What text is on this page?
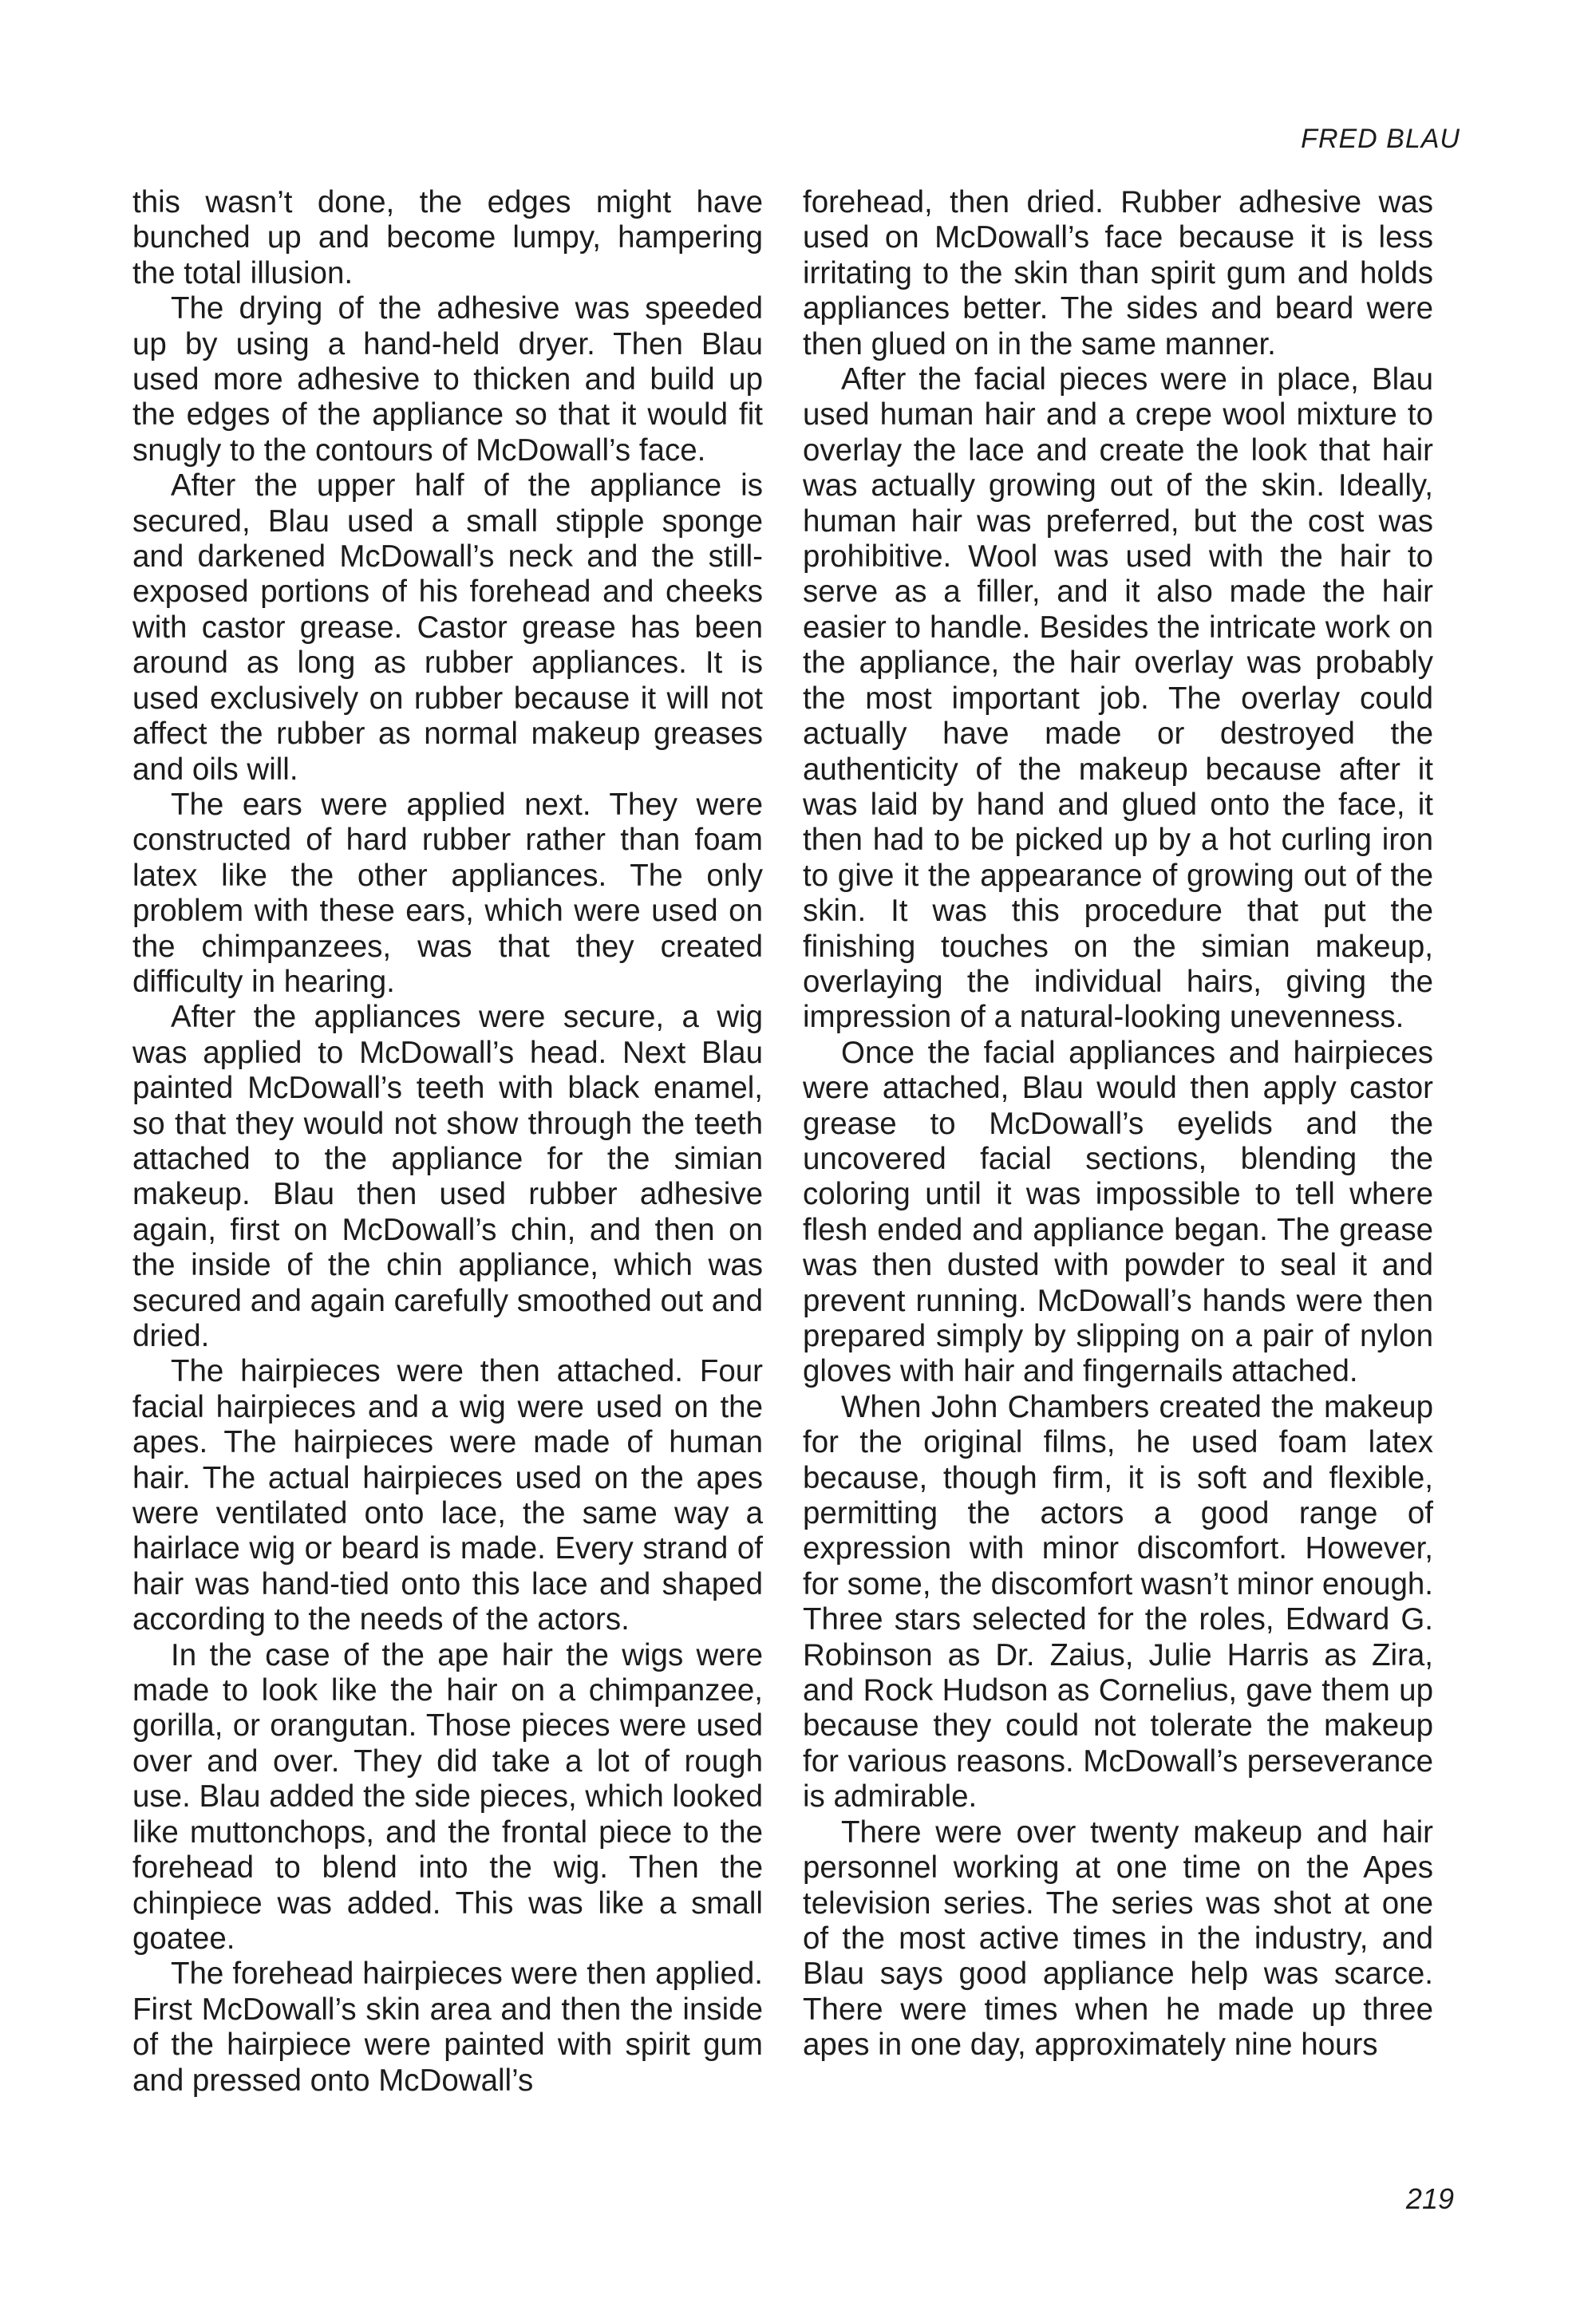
FRED BLAU

this wasn’t done, the edges might have bunched up and become lumpy, hampering the total illusion.

The drying of the adhesive was speeded up by using a hand-held dryer. Then Blau used more adhesive to thicken and build up the edges of the appliance so that it would fit snugly to the contours of McDowall’s face.

After the upper half of the appliance is secured, Blau used a small stipple sponge and darkened McDowall’s neck and the still-exposed portions of his forehead and cheeks with castor grease. Castor grease has been around as long as rubber appliances. It is used exclusively on rubber because it will not affect the rubber as normal makeup greases and oils will.

The ears were applied next. They were constructed of hard rubber rather than foam latex like the other appliances. The only problem with these ears, which were used on the chimpanzees, was that they created difficulty in hearing.

After the appliances were secure, a wig was applied to McDowall’s head. Next Blau painted McDowall’s teeth with black enamel, so that they would not show through the teeth attached to the appliance for the simian makeup. Blau then used rubber adhesive again, first on McDowall’s chin, and then on the inside of the chin appliance, which was secured and again carefully smoothed out and dried.

The hairpieces were then attached. Four facial hairpieces and a wig were used on the apes. The hairpieces were made of human hair. The actual hairpieces used on the apes were ventilated onto lace, the same way a hairlace wig or beard is made. Every strand of hair was hand-tied onto this lace and shaped according to the needs of the actors.

In the case of the ape hair the wigs were made to look like the hair on a chimpanzee, gorilla, or orangutan. Those pieces were used over and over. They did take a lot of rough use. Blau added the side pieces, which looked like muttonchops, and the frontal piece to the forehead to blend into the wig. Then the chinpiece was added. This was like a small goatee.

The forehead hairpieces were then applied. First McDowall’s skin area and then the inside of the hairpiece were painted with spirit gum and pressed onto McDowall’s

forehead, then dried. Rubber adhesive was used on McDowall’s face because it is less irritating to the skin than spirit gum and holds appliances better. The sides and beard were then glued on in the same manner.

After the facial pieces were in place, Blau used human hair and a crepe wool mixture to overlay the lace and create the look that hair was actually growing out of the skin. Ideally, human hair was preferred, but the cost was prohibitive. Wool was used with the hair to serve as a filler, and it also made the hair easier to handle. Besides the intricate work on the appliance, the hair overlay was probably the most important job. The overlay could actually have made or destroyed the authenticity of the makeup because after it was laid by hand and glued onto the face, it then had to be picked up by a hot curling iron to give it the appearance of growing out of the skin. It was this procedure that put the finishing touches on the simian makeup, overlaying the individual hairs, giving the impression of a natural-looking unevenness.

Once the facial appliances and hairpieces were attached, Blau would then apply castor grease to McDowall’s eyelids and the uncovered facial sections, blending the coloring until it was impossible to tell where flesh ended and appliance began. The grease was then dusted with powder to seal it and prevent running. McDowall’s hands were then prepared simply by slipping on a pair of nylon gloves with hair and fingernails attached.

When John Chambers created the makeup for the original films, he used foam latex because, though firm, it is soft and flexible, permitting the actors a good range of expression with minor discomfort. However, for some, the discomfort wasn’t minor enough. Three stars selected for the roles, Edward G. Robinson as Dr. Zaius, Julie Harris as Zira, and Rock Hudson as Cornelius, gave them up because they could not tolerate the makeup for various reasons. McDowall’s perseverance is admirable.

There were over twenty makeup and hair personnel working at one time on the Apes television series. The series was shot at one of the most active times in the industry, and Blau says good appliance help was scarce. There were times when he made up three apes in one day, approximately nine hours

219
